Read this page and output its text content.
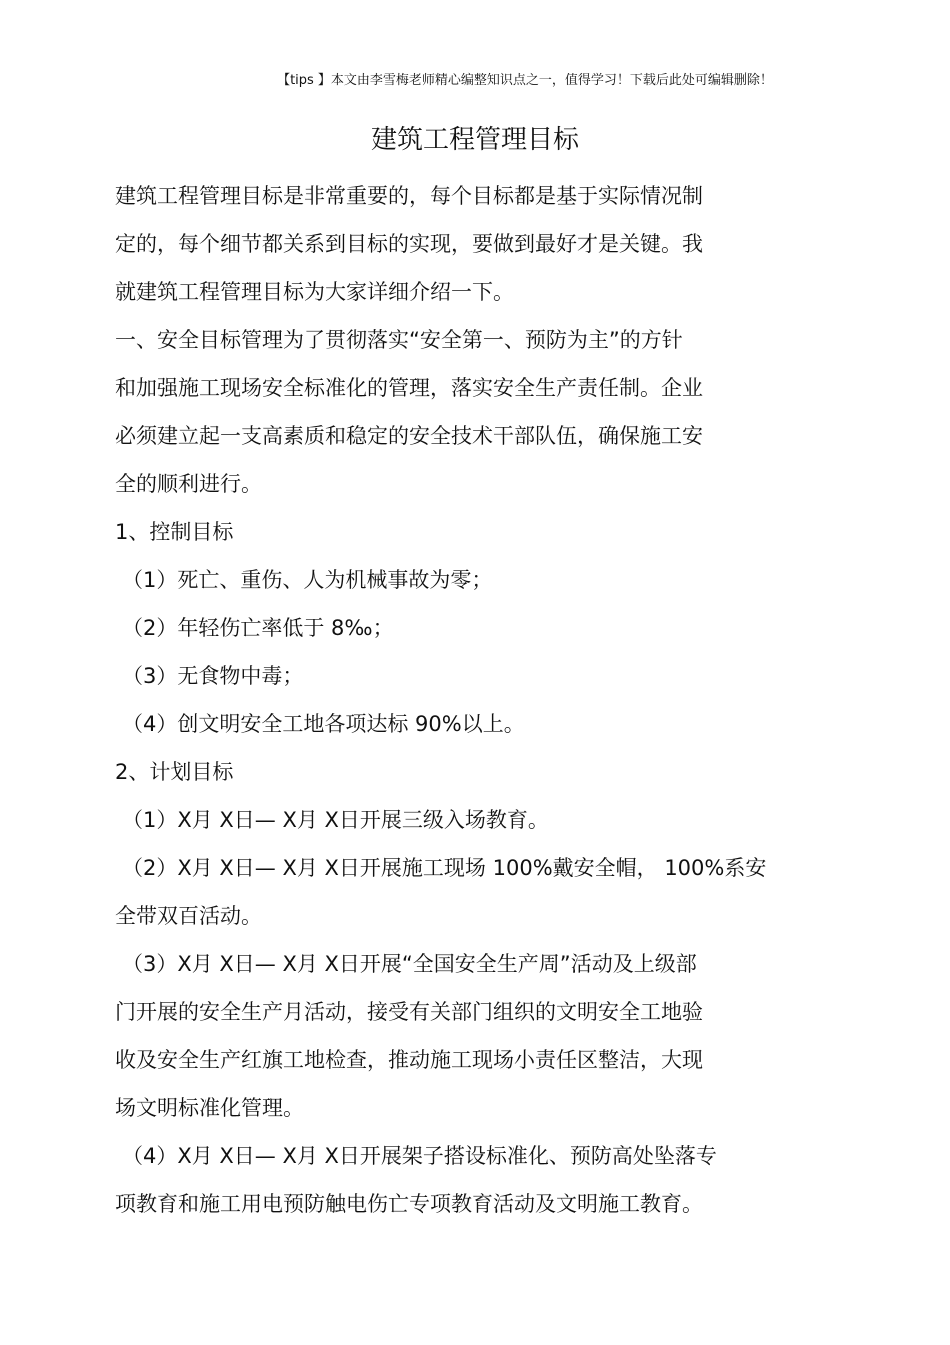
【tips 】本文由李雪梅老师精心编整知识点之一，值得学习！下载后此处可编辑删除！
建筑工程管理目标
建筑工程管理目标是非常重要的，每个目标都是基于实际情况制
定的，每个细节都关系到目标的实现，要做到最好才是关键。我
就建筑工程管理目标为大家详细介绍一下。
一、安全目标管理为了贯彻落实“安全第一、预防为主”的方针
和加强施工现场安全标准化的管理，落实安全生产责任制。企业
必须建立起一支高素质和稳定的安全技术干部队伍，确保施工安
全的顺利进行。
1、控制目标
（1）死亡、重伤、人为机械事故为零；
（2）年轻伤亡率低于 8‰；
（3）无食物中毒；
（4）创文明安全工地各项达标 90%以上。
2、计划目标
（1）X月 X日— X月 X日开展三级入场教育。
（2）X月 X日— X月 X日开展施工现场 100%戴安全帽， 100%系安
全带双百活动。
（3）X月 X日— X月 X日开展“全国安全生产周”活动及上级部
门开展的安全生产月活动，接受有关部门组织的文明安全工地验
收及安全生产红旗工地检查，推动施工现场小责任区整洁，大现
场文明标准化管理。
（4）X月 X日— X月 X日开展架子搭设标准化、预防高处坠落专
项教育和施工用电预防触电伤亡专项教育活动及文明施工教育。
